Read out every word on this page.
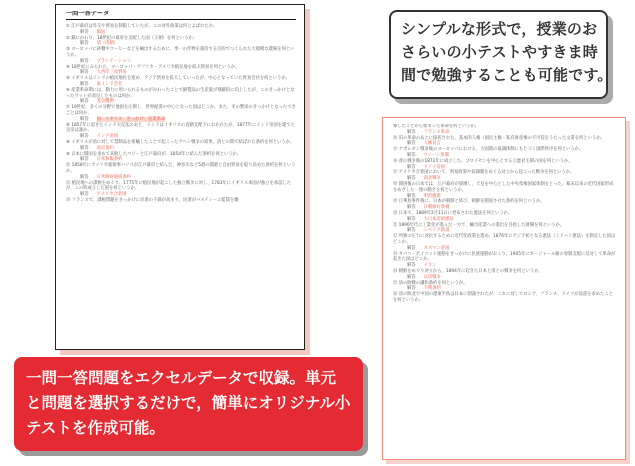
一問一答データ
① 江戸幕府は外交や貿易を制限していたが、この対外政策は何とよばれたか。
解答 鎖国
② 鎖にかわり、18世紀の幕府を支配した国（王朝）を何というか。
解答 清（清朝）
③ ヨーロッパに砂糖やコーヒーなどを輸出するために、単一の作物を栽培する目的でつくられた大規模な農場を何というか。
解答 プランテーション
④ 18世紀にみられた、ヨーロッパ・アフリカ・アメリカ植民地を結ぶ貿易を何というか。
解答 大西洋三角貿易
⑤ イギリスはインドの植民地化を進め、アジア貿易を拡大していったが、中心となっていた貿易会社を何というか。
解答 東インド会社
⑥ 産業革命期には、動力に用いられるものがかわったことで綿製品の生産量が飛躍的に向上したが、このきっかけとなったワットが改良したものは何か。
解答 蒸気機関
⑦ 19世紀、多くの分野で他国を圧倒し、世界経済の中心となった国はどこか。また、その繁栄のきっかけとなったできごとは何か。
解答 国：イギリス　きっかけ：産業革命
⑧ 1857年に起きたインド大反乱のあと、インドはイギリスの直轄支配下におかれたが、1877年にインド帝国を建てた皇帝は誰か。
解答 インド帝国
⑨ イギリスが清に対して禁制品を密輸したことで起こったアヘン戦争の結果、清との間で結ばれた条約を何というか。
解答 南京条約
⑩ 日本に開国を求めて来航したペリーと江戸幕府が、1854年に結んだ条約を何というか。
解答 日米和親条約
⑪ 1858年にアメリカ総領事ハリスが江戸幕府と結んだ、神奈川など5港の開港と自由貿易を取り決めた条約を何というか。
解答 日米修好通商条約
⑫ 植民地への課税をめぐり、1775年に植民地が起こした独立戦争に対し、1783年にイギリス本国が独立を承認したが、この時成立した国を何というか。
解答 アメリカ合衆国
⑬ フランスで、課税問題をきっかけに民衆の不満が高まり、民衆がバスティーユ監獄を襲
撃したことから始まった革命を何というか。
解答 フランス革命
⑭ 旧の革命のあとに採択された、基本的人権（国民主権・私有財産権の不可侵をうたった文書を何というか。
解答 人権宣言
⑮ ナポレオン戦争後のヨーロッパにおける、大国間の協調体制にもとづく国際秩序を何というか。
解答 ウィーン体制
⑯ 普仏戦争後の1871年に成立した、プロイセンを中心とする立憲君主制の国を何というか。
解答 ドイツ帝国
⑰ アメリカ合衆国において、貿易政策や奴隷制をめぐる対立から起こった戦争を何というか。
解答 南北戦争
⑱ 開国後の日本では、江戸幕府が崩壊し、天皇を中心とした中央集権国家体制をとった。幕末以来の近代国家形成をめざした一連の動きを何というか。
解答 明治維新
⑲ 江華島事件後に、日本が朝鮮と結び、朝鮮を開国させた条約を何というか。
解答 日朝修好条規
⑳ 日本で、1889年2月11日に発布された憲法を何というか。
解答 大日本帝国憲法
㉑ 1890年代に工業化が進んだ一方で、輸出産業への進出を目指した財閥を何というか。
解答 シベリア鉄道
㉒ 列強の圧力に対抗するために近代化政策を進め、1876年にアジア初となる憲法（ミドハト憲法）を制定した国はどこか。
解答 オスマン帝国
㉓ タバコ・ボイコット運動をきっかけに民族運動がおこり、1905年にカージャール朝の専制支配に反対して革命が起きた国はどこか。
解答 イラン
㉔ 朝鮮をめぐり対立から、1894年に起きた日本と清との戦争を何というか。
解答 日清戦争
㉕ 清の敗戦の講和条約を何というか。
解答 下関条約
㉖ 清の敗北で中国の遼東半島は日本に割譲されたが、これに対してロシア、フランス、ドイツが返還を求めたことを何というか。
シンプルな形式で，授業のお
さらいの小テストやすきま時
間で勉強することも可能です。
一問一答問題をエクセルデータで収録。単元
と問題を選択するだけで，簡単にオリジナル小
テストを作成可能。
